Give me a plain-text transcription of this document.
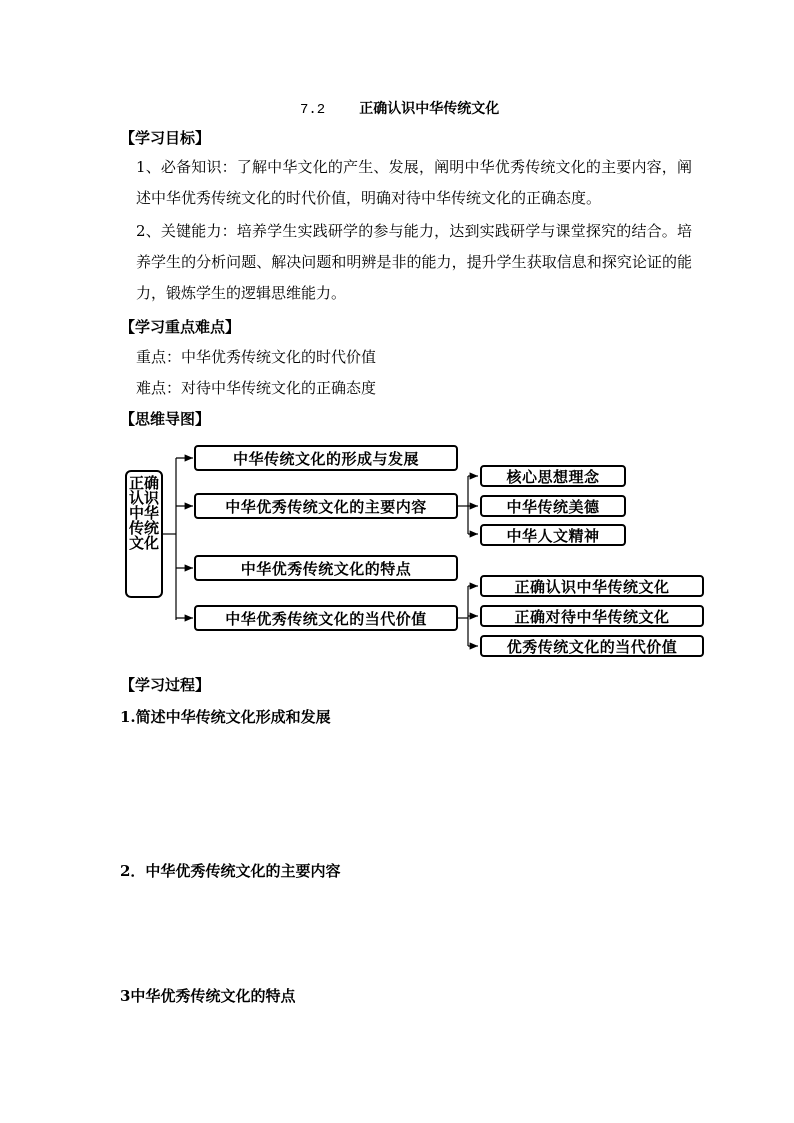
7.2 正确认识中华传统文化
【学习目标】
1、必备知识：了解中华文化的产生、发展，阐明中华优秀传统文化的主要内容，阐述中华优秀传统文化的时代价值，明确对待中华传统文化的正确态度。
2、关键能力：培养学生实践研学的参与能力，达到实践研学与课堂探究的结合。培养学生的分析问题、解决问题和明辨是非的能力，提升学生获取信息和探究论证的能力，锻炼学生的逻辑思维能力。
【学习重点难点】
重点：中华优秀传统文化的时代价值
难点：对待中华传统文化的正确态度
【思维导图】
正确认识中华传统文化
中华传统文化的形成与发展
中华优秀传统文化的主要内容
中华优秀传统文化的特点
中华优秀传统文化的当代价值
核心思想理念
中华传统美德
中华人文精神
正确认识中华传统文化
正确对待中华传统文化
优秀传统文化的当代价值
【学习过程】
1.简述中华传统文化形成和发展
2．中华优秀传统文化的主要内容
3中华优秀传统文化的特点
